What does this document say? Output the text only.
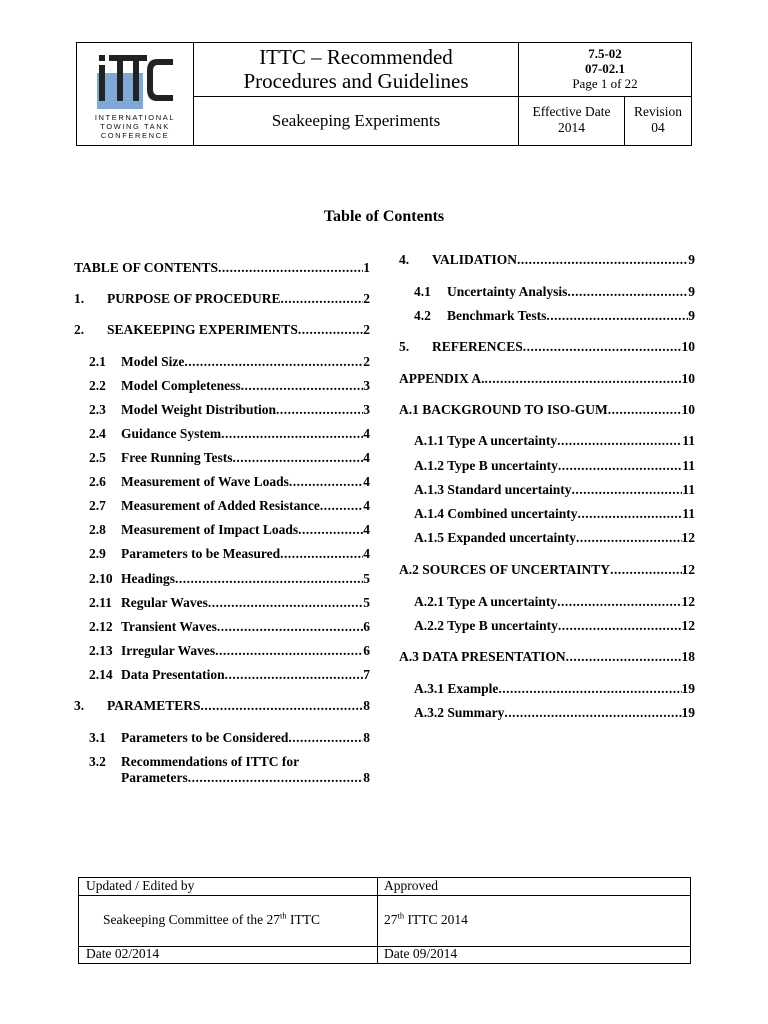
INTERNATIONAL
TOWING TANK
CONFERENCE
ITTC – Recommended
Procedures and Guidelines
Seakeeping Experiments
7.5-02
07-02.1
Page 1 of 22
Effective Date
2014
Revision
04
Table of Contents
TABLE OF CONTENTS .....	1
1.	PURPOSE OF PROCEDURE .....	2
2.	SEAKEEPING EXPERIMENTS .....	2
2.1	Model Size .....	2
2.2	Model Completeness .....	3
2.3	Model Weight Distribution .....	3
2.4	Guidance System .....	4
2.5	Free Running Tests .....	4
2.6	Measurement of Wave Loads .....	4
2.7	Measurement of Added Resistance .....	4
2.8	Measurement of Impact Loads .....	4
2.9	Parameters to be Measured .....	4
2.10 Headings .....	5
2.11 Regular Waves .....	5
2.12 Transient Waves .....	6
2.13 Irregular Waves .....	6
2.14 Data Presentation .....	7
3.	PARAMETERS .....	8
3.1	Parameters to be Considered .....	8
3.2	Recommendations of ITTC for
Parameters .....	8
4.	VALIDATION .....	9
4.1	Uncertainty Analysis .....	9
4.2	Benchmark Tests .....	9
5.	REFERENCES .....	10
APPENDIX A. .....	10
A.1 BACKGROUND TO ISO-GUM .....	10
A.1.1 Type A uncertainty .....	11
A.1.2 Type B uncertainty .....	11
A.1.3 Standard uncertainty .....	11
A.1.4 Combined uncertainty .....	11
A.1.5 Expanded uncertainty .....	12
A.2 SOURCES OF UNCERTAINTY .....	12
A.2.1 Type A uncertainty .....	12
A.2.2 Type B uncertainty .....	12
A.3 DATA PRESENTATION .....	18
A.3.1 Example .....	19
A.3.2 Summary .....	19
Updated / Edited by	Approved
Seakeeping Committee of the 27th ITTC	27th ITTC 2014
Date 02/2014	Date 09/2014
